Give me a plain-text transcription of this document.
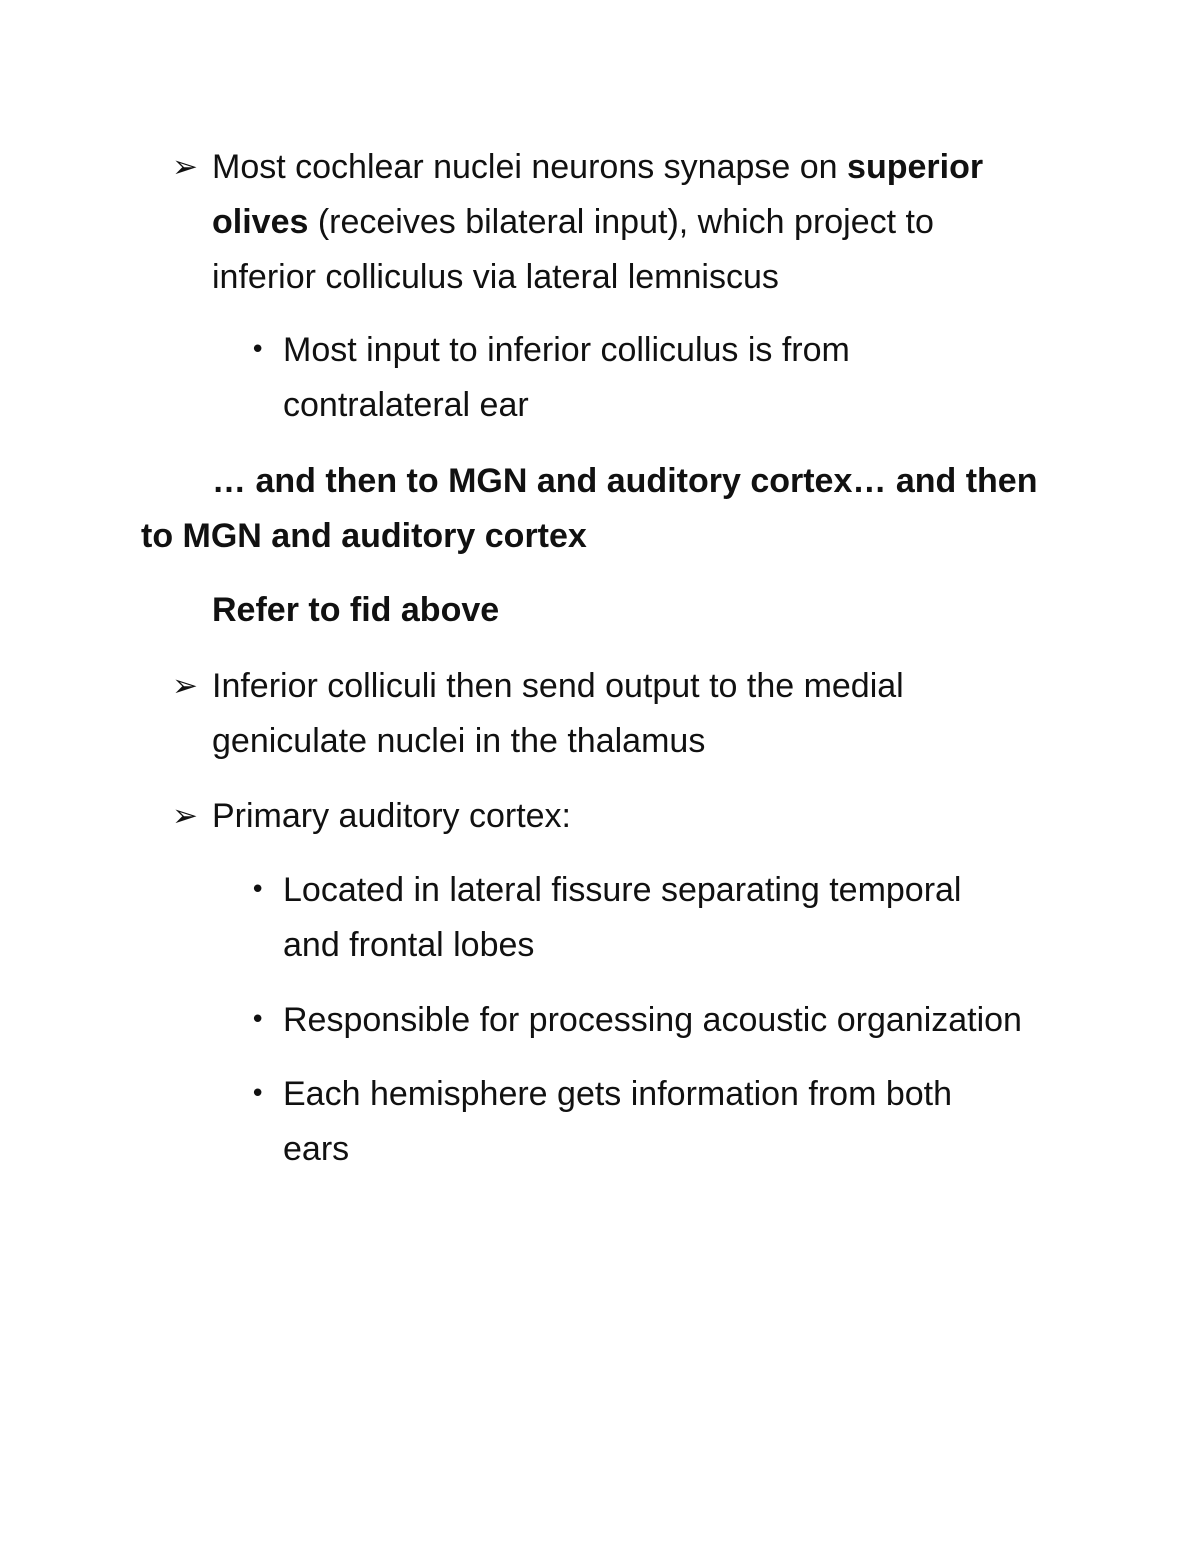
➢ Most cochlear nuclei neurons synapse on superior
olives (receives bilateral input), which project to
inferior colliculus via lateral lemniscus
• Most input to inferior colliculus is from
contralateral ear
… and then to MGN and auditory cortex… and then
to MGN and auditory cortex
Refer to fid above
➢ Inferior colliculi then send output to the medial
geniculate nuclei in the thalamus
➢ Primary auditory cortex:
• Located in lateral fissure separating temporal
and frontal lobes
• Responsible for processing acoustic organization
• Each hemisphere gets information from both
ears
